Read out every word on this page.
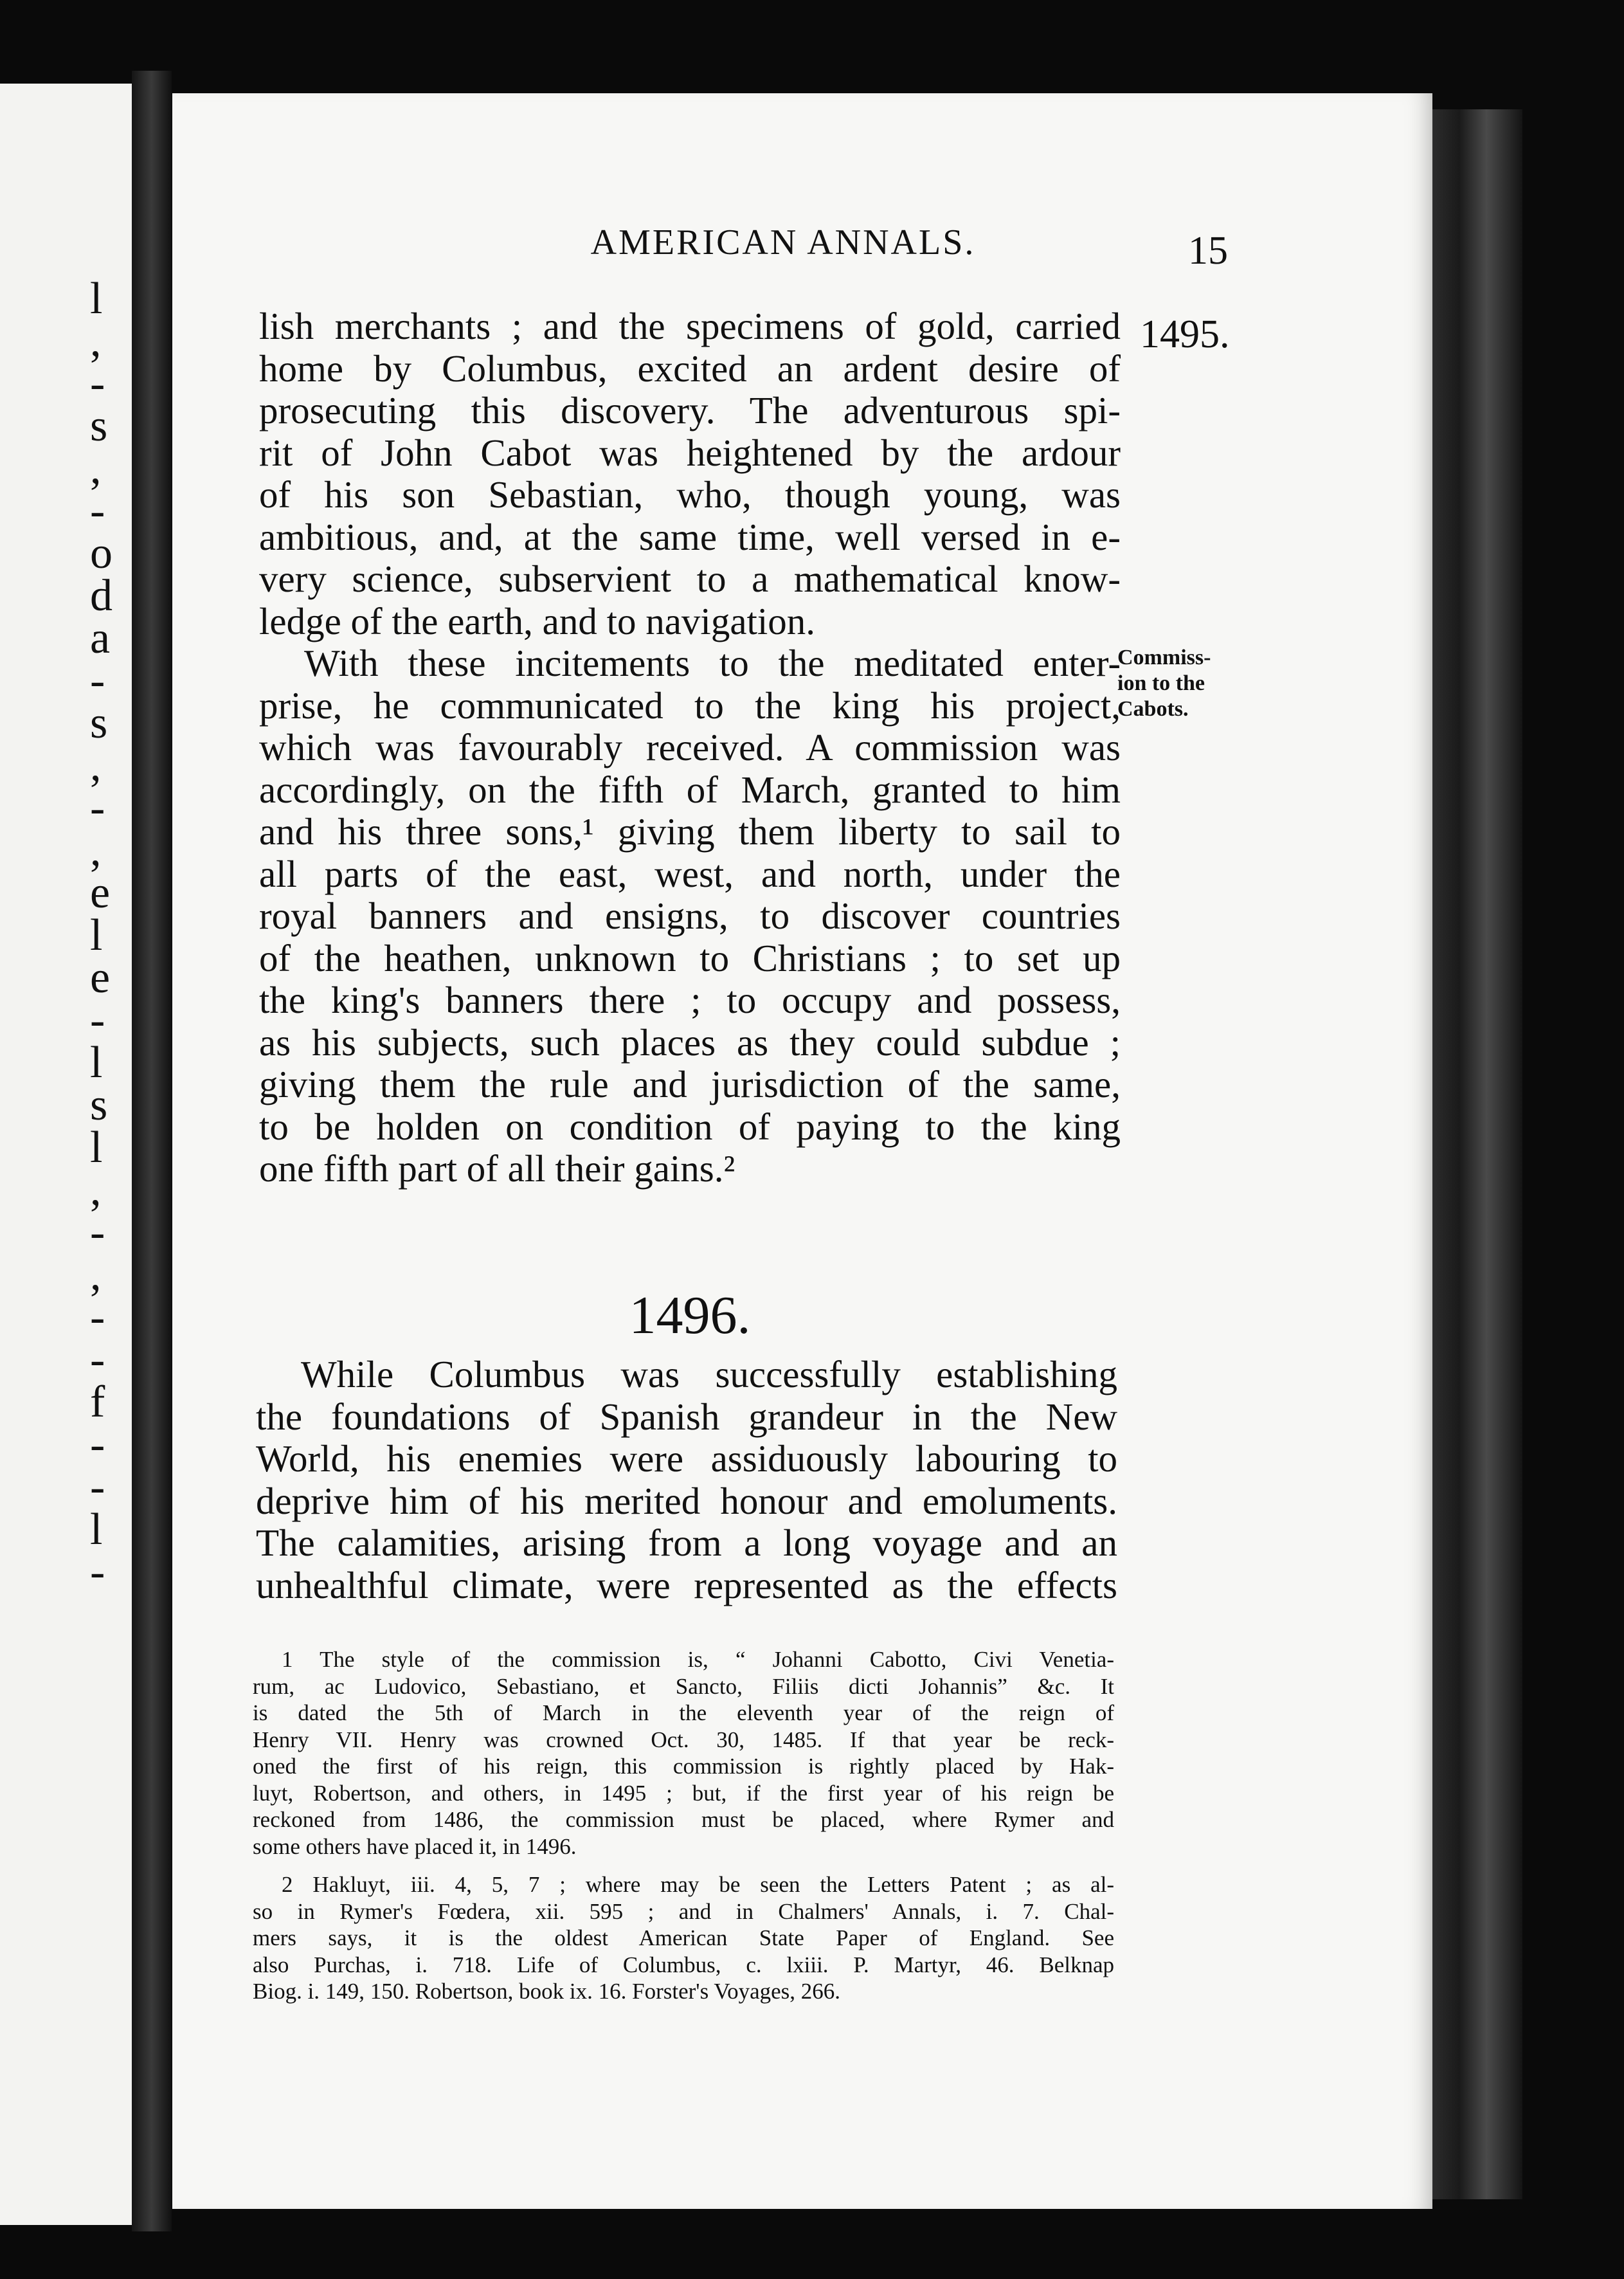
l
,
-
s
,
-
o
d
a
-
s
,
-
,
e
l
e
-
l
s
l
,
-
,
-
-
f
-
-
l
-
AMERICAN ANNALS.	15
1495.
Commiss-
ion to the
Cabots.
lish merchants ; and the specimens of gold, carried
home by Columbus, excited an ardent desire of
prosecuting this discovery. The adventurous spi-
rit of John Cabot was heightened by the ardour
of his son Sebastian, who, though young, was
ambitious, and, at the same time, well versed in e-
very science, subservient to a mathematical know-
ledge of the earth, and to navigation.
With these incitements to the meditated enter-
prise, he communicated to the king his project,
which was favourably received. A commission was
accordingly, on the fifth of March, granted to him
and his three sons,¹ giving them liberty to sail to
all parts of the east, west, and north, under the
royal banners and ensigns, to discover countries
of the heathen, unknown to Christians ; to set up
the king's banners there ; to occupy and possess,
as his subjects, such places as they could subdue ;
giving them the rule and jurisdiction of the same,
to be holden on condition of paying to the king
one fifth part of all their gains.²
1496.
While Columbus was successfully establishing
the foundations of Spanish grandeur in the New
World, his enemies were assiduously labouring to
deprive him of his merited honour and emoluments.
The calamities, arising from a long voyage and an
unhealthful climate, were represented as the effects
1 The style of the commission is, “ Johanni Cabotto, Civi Venetia-
rum, ac Ludovico, Sebastiano, et Sancto, Filiis dicti Johannis” &c. It
is dated the 5th of March in the eleventh year of the reign of
Henry VII. Henry was crowned Oct. 30, 1485. If that year be reck-
oned the first of his reign, this commission is rightly placed by Hak-
luyt, Robertson, and others, in 1495 ; but, if the first year of his reign be
reckoned from 1486, the commission must be placed, where Rymer and
some others have placed it, in 1496.
2 Hakluyt, iii. 4, 5, 7 ; where may be seen the Letters Patent ; as al-
so in Rymer's Fœdera, xii. 595 ; and in Chalmers' Annals, i. 7. Chal-
mers says, it is the oldest American State Paper of England. See
also Purchas, i. 718. Life of Columbus, c. lxiii. P. Martyr, 46. Belknap
Biog. i. 149, 150. Robertson, book ix. 16. Forster's Voyages, 266.
